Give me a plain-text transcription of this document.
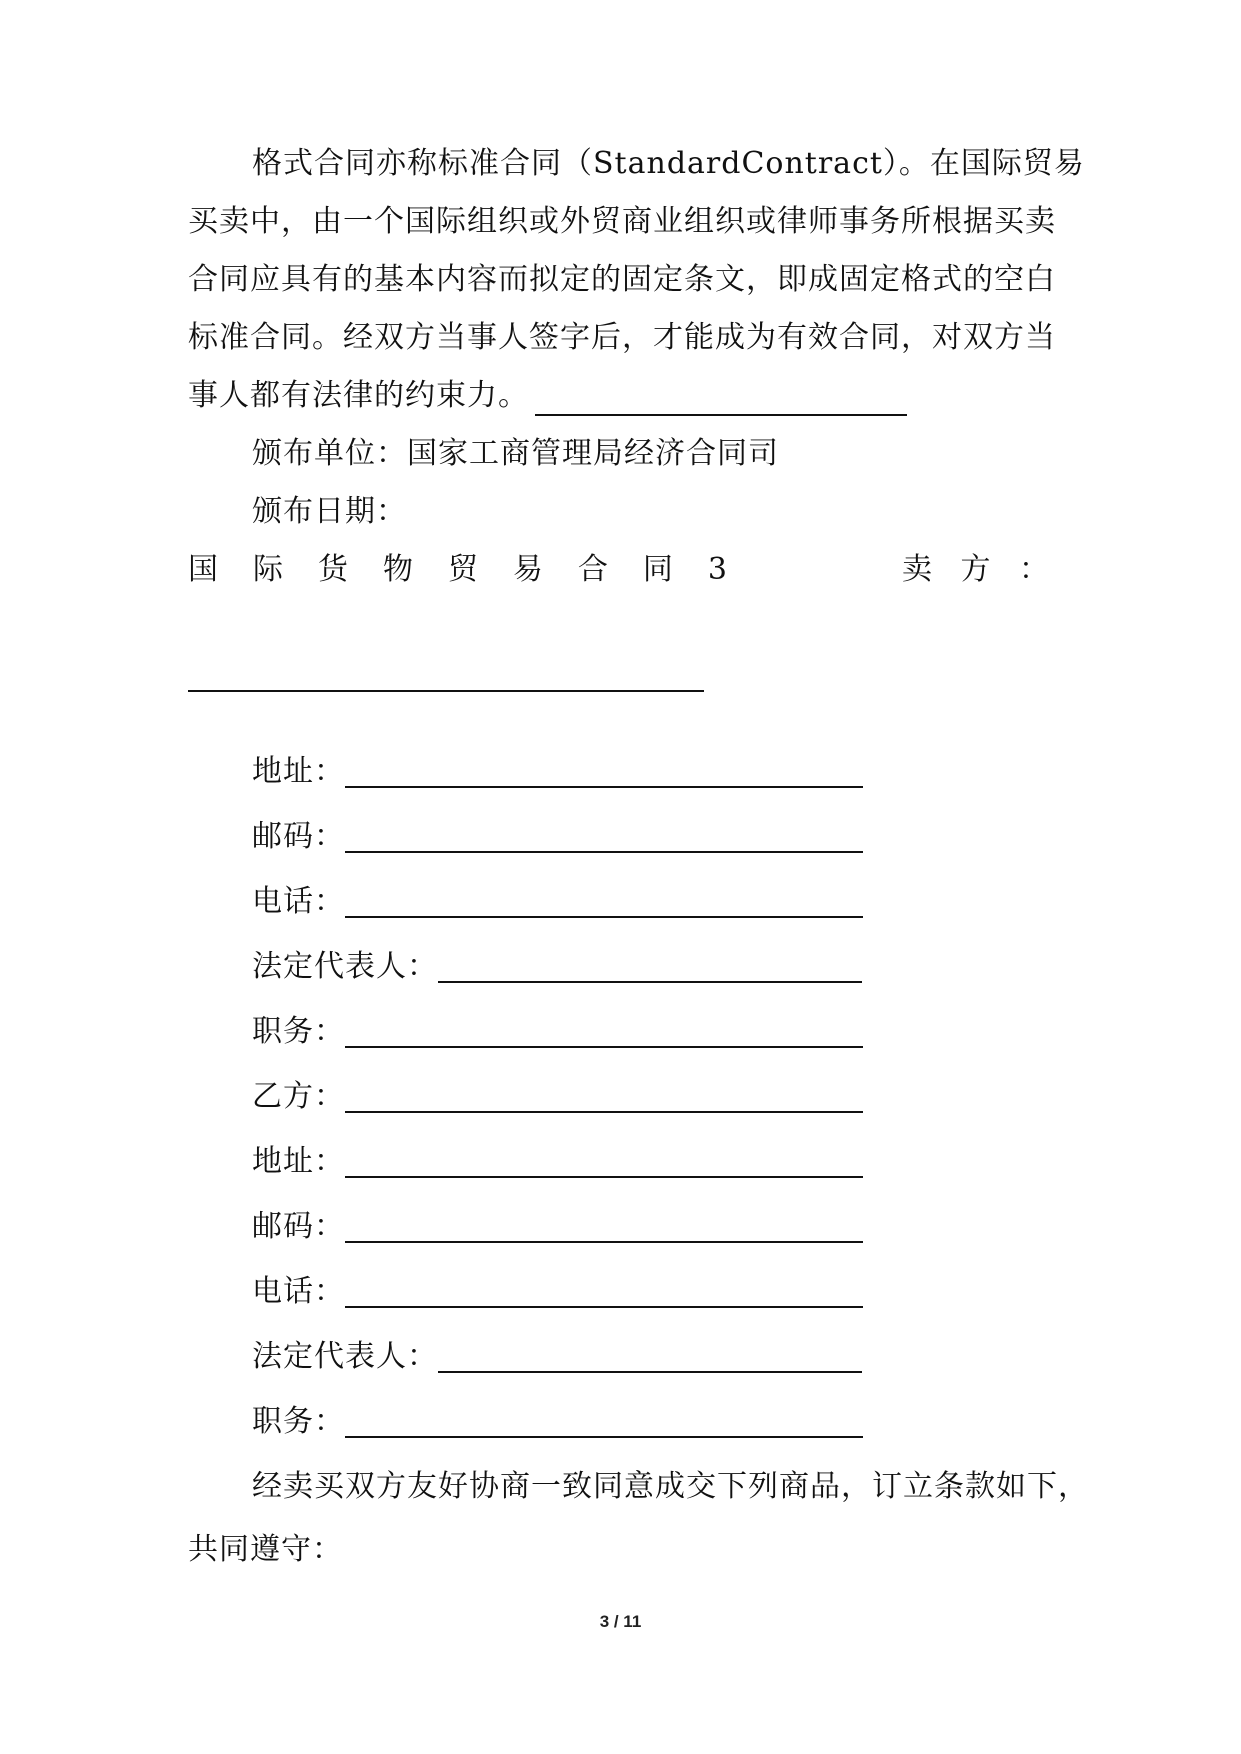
格式合同亦称标准合同（StandardContract）。在国际贸易
买卖中，由一个国际组织或外贸商业组织或律师事务所根据买卖
合同应具有的基本内容而拟定的固定条文，即成固定格式的空白
标准合同。经双方当事人签字后，才能成为有效合同，对双方当
事人都有法律的约束力。
颁布单位：国家工商管理局经济合同司
颁布日期：
国 际 货 物 贸 易 合 同 3	卖 方 ：
地址：
邮码：
电话：
法定代表人：
职务：
乙方：
地址：
邮码：
电话：
法定代表人：
职务：
经卖买双方友好协商一致同意成交下列商品，订立条款如下，
共同遵守：
3 / 11
